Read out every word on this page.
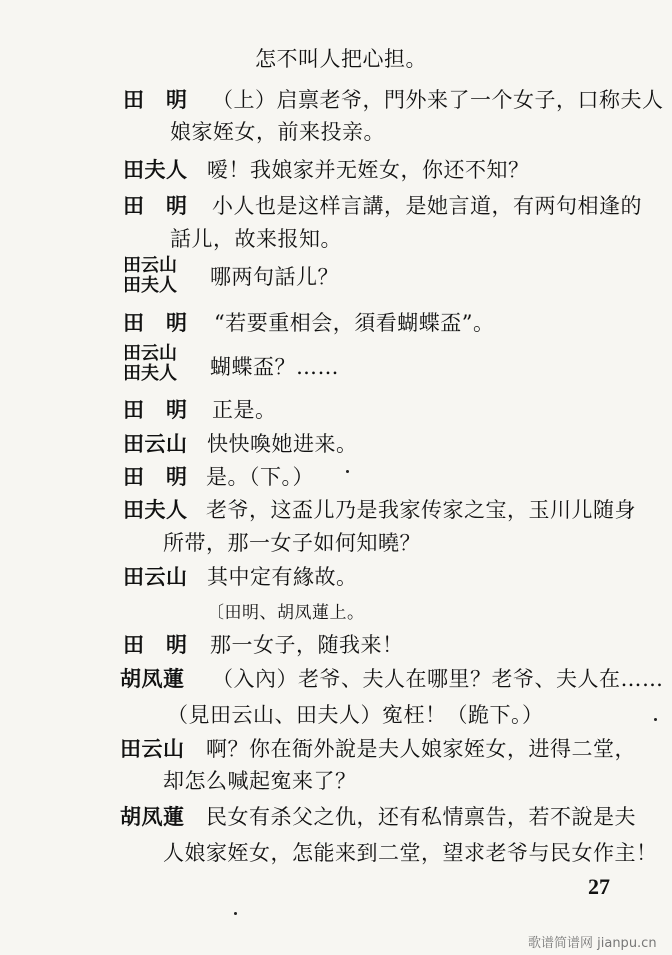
怎不叫人把心担。
田　明 （上）启禀老爷，門外来了一个女子，口称夫人
娘家姪女，前来投亲。
田夫人 嗳！我娘家并无姪女，你还不知？
田　明 小人也是这样言講，是她言道，有两句相逢的
話儿，故来报知。
田云山
田夫人 哪两句話儿？
田　明 “若要重相会，須看蝴蝶盃”。
田云山
田夫人 蝴蝶盃？……
田　明 正是。
田云山 快快喚她进来。
田　明 是。（下。）
田夫人 老爷，这盃儿乃是我家传家之宝，玉川儿随身
所带，那一女子如何知曉？
田云山 其中定有緣故。
〔田明、胡凤蓮上。
田　明 那一女子，随我来！
胡凤蓮 （入內）老爷、夫人在哪里？老爷、夫人在……
（見田云山、田夫人）寃枉！（跪下。）
田云山 啊？你在衙外說是夫人娘家姪女，进得二堂，
却怎么喊起寃来了？
胡凤蓮 民女有杀父之仇，还有私情禀告，若不說是夫
人娘家姪女，怎能来到二堂，望求老爷与民女作主！
27
歌谱简谱网 jianpu.cn
